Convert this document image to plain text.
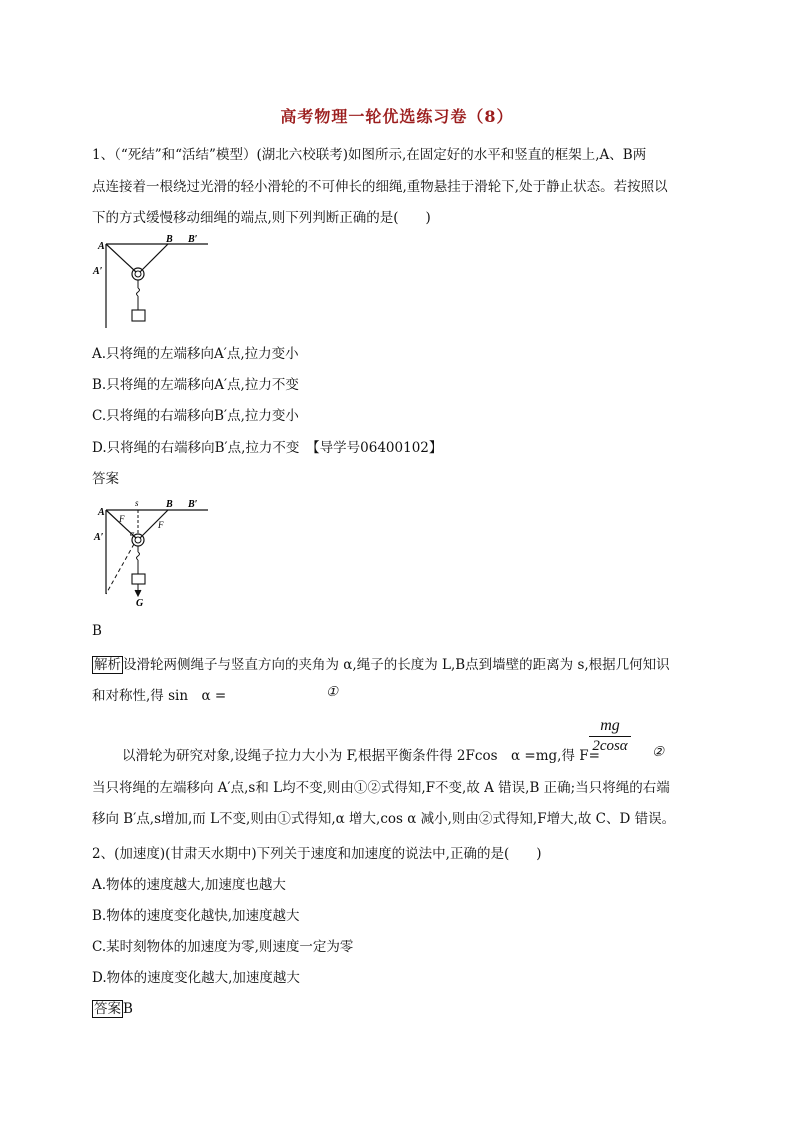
高考物理一轮优选练习卷（8）
1、（“死结”和“活结”模型）(湖北六校联考)如图所示,在固定好的水平和竖直的框架上,A、B两
点连接着一根绕过光滑的轻小滑轮的不可伸长的细绳,重物悬挂于滑轮下,处于静止状态。若按照以
下的方式缓慢移动细绳的端点,则下列判断正确的是(　　)
A
B B′
A′
A.只将绳的左端移向A′点,拉力变小
B.只将绳的左端移向A′点,拉力不变
C.只将绳的右端移向B′点,拉力变小
D.只将绳的右端移向B′点,拉力不变　【导学号06400102】
答案
A
s	B B′
A′
F
F
α
G
B
解析 设滑轮两侧绳子与竖直方向的夹角为 α,绳子的长度为 L,B点到墙壁的距离为 s,根据几何知识
和对称性,得 sin　α =	①
以滑轮为研究对象,设绳子拉力大小为 F,根据平衡条件得 2Fcos　α =mg,得 F=
mg
2cosα	②
当只将绳的左端移向 A′点,s和 L均不变,则由①②式得知,F不变,故 A 错误,B 正确;当只将绳的右端
移向 B′点,s增加,而 L不变,则由①式得知,α 增大,cos α 减小,则由②式得知,F增大,故 C、D 错误。
2、(加速度)(甘肃天水期中)下列关于速度和加速度的说法中,正确的是(　　)
A.物体的速度越大,加速度也越大
B.物体的速度变化越快,加速度越大
C.某时刻物体的加速度为零,则速度一定为零
D.物体的速度变化越大,加速度越大
答案 B
